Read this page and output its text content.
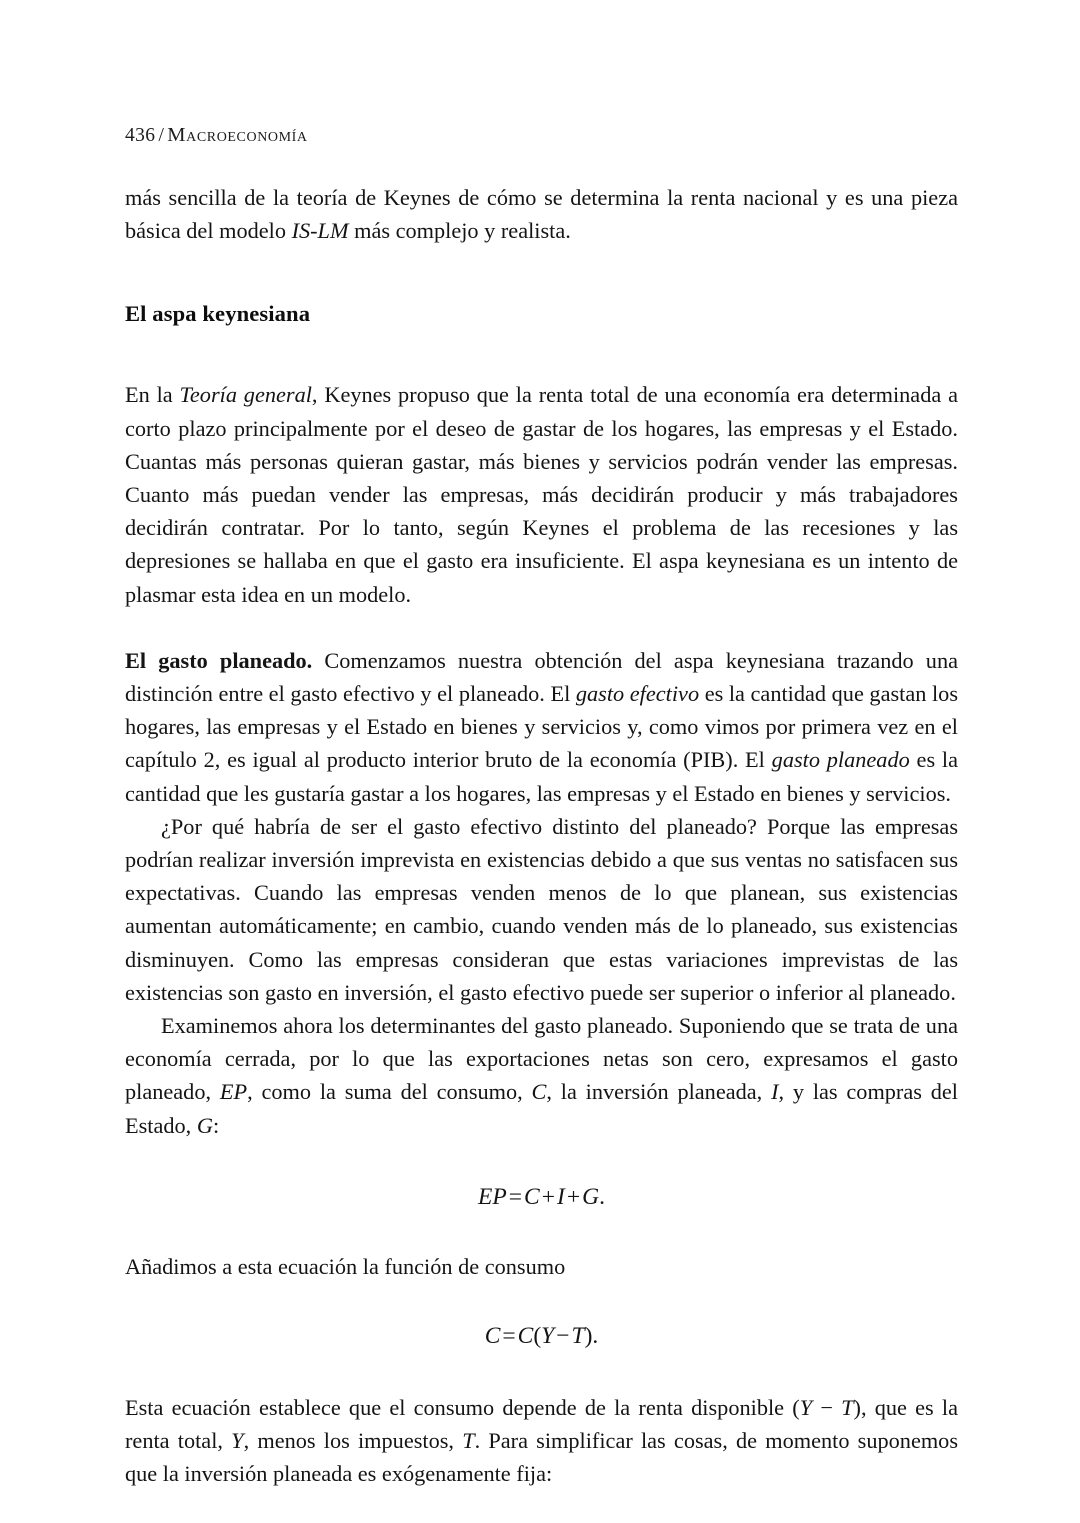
436 / Macroeconomía

más sencilla de la teoría de Keynes de cómo se determina la renta nacional y es una pieza básica del modelo IS-LM más complejo y realista.

El aspa keynesiana

En la Teoría general, Keynes propuso que la renta total de una economía era determinada a corto plazo principalmente por el deseo de gastar de los hogares, las empresas y el Estado. Cuantas más personas quieran gastar, más bienes y servicios podrán vender las empresas. Cuanto más puedan vender las empresas, más decidirán producir y más trabajadores decidirán contratar. Por lo tanto, según Keynes el problema de las recesiones y las depresiones se hallaba en que el gasto era insuficiente. El aspa keynesiana es un intento de plasmar esta idea en un modelo.

El gasto planeado. Comenzamos nuestra obtención del aspa keynesiana trazando una distinción entre el gasto efectivo y el planeado. El gasto efectivo es la cantidad que gastan los hogares, las empresas y el Estado en bienes y servicios y, como vimos por primera vez en el capítulo 2, es igual al producto interior bruto de la economía (PIB). El gasto planeado es la cantidad que les gustaría gastar a los hogares, las empresas y el Estado en bienes y servicios.

¿Por qué habría de ser el gasto efectivo distinto del planeado? Porque las empresas podrían realizar inversión imprevista en existencias debido a que sus ventas no satisfacen sus expectativas. Cuando las empresas venden menos de lo que planean, sus existencias aumentan automáticamente; en cambio, cuando venden más de lo planeado, sus existencias disminuyen. Como las empresas consideran que estas variaciones imprevistas de las existencias son gasto en inversión, el gasto efectivo puede ser superior o inferior al planeado.

Examinemos ahora los determinantes del gasto planeado. Suponiendo que se trata de una economía cerrada, por lo que las exportaciones netas son cero, expresamos el gasto planeado, EP, como la suma del consumo, C, la inversión planeada, I, y las compras del Estado, G:

EP=C+I+G.

Añadimos a esta ecuación la función de consumo

C=C(Y−T).

Esta ecuación establece que el consumo depende de la renta disponible (Y − T), que es la renta total, Y, menos los impuestos, T. Para simplificar las cosas, de momento suponemos que la inversión planeada es exógenamente fija:
